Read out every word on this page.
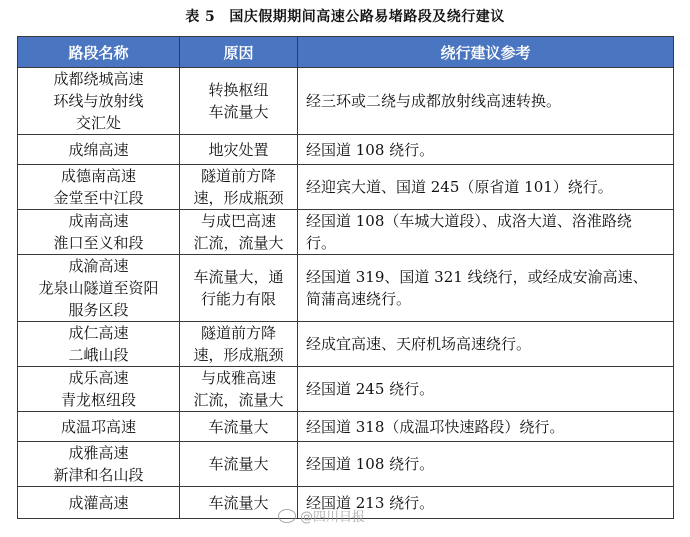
表 5 国庆假期期间高速公路易堵路段及绕行建议
路段名称	原因	绕行建议参考

成都绕城高速
环线与放射线
交汇处	转换枢纽
车流量大	经三环或二绕与成都放射线高速转换。

成绵高速	地灾处置	经国道 108 绕行。

成德南高速
金堂至中江段	隧道前方降
速，形成瓶颈	经迎宾大道、国道 245（原省道 101）绕行。

成南高速
淮口至义和段	与成巴高速
汇流，流量大	经国道 108（车城大道段）、成洛大道、洛淮路绕
行。

成渝高速
龙泉山隧道至资阳
服务区段	车流量大，通
行能力有限	经国道 319、国道 321 线绕行，或经成安渝高速、
简蒲高速绕行。

成仁高速
二峨山段	隧道前方降
速，形成瓶颈	经成宜高速、天府机场高速绕行。

成乐高速
青龙枢纽段	与成雅高速
汇流，流量大	经国道 245 绕行。

成温邛高速	车流量大	经国道 318（成温邛快速路段）绕行。

成雅高速
新津和名山段	车流量大	经国道 108 绕行。

成灌高速	车流量大	经国道 213 绕行。
@四川日报
